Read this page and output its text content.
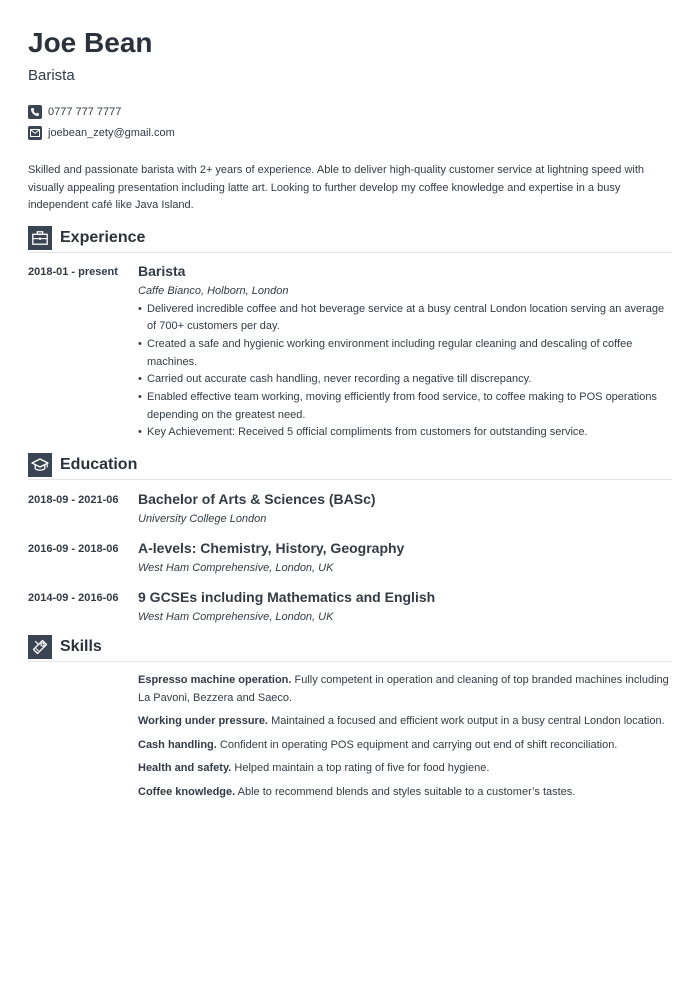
Joe Bean
Barista
0777 777 7777
joebean_zety@gmail.com
Skilled and passionate barista with 2+ years of experience. Able to deliver high-quality customer service at lightning speed with visually appealing presentation including latte art. Looking to further develop my coffee knowledge and expertise in a busy independent café like Java Island.
Experience
2018-01 - present	Barista
Caffe Bianco, Holborn, London
• Delivered incredible coffee and hot beverage service at a busy central London location serving an average of 700+ customers per day.
• Created a safe and hygienic working environment including regular cleaning and descaling of coffee machines.
• Carried out accurate cash handling, never recording a negative till discrepancy.
• Enabled effective team working, moving efficiently from food service, to coffee making to POS operations depending on the greatest need.
• Key Achievement: Received 5 official compliments from customers for outstanding service.
Education
2018-09 - 2021-06	Bachelor of Arts & Sciences (BASc)
University College London
2016-09 - 2018-06	A-levels: Chemistry, History, Geography
West Ham Comprehensive, London, UK
2014-09 - 2016-06	9 GCSEs including Mathematics and English
West Ham Comprehensive, London, UK
Skills
Espresso machine operation. Fully competent in operation and cleaning of top branded machines including La Pavoni, Bezzera and Saeco.
Working under pressure. Maintained a focused and efficient work output in a busy central London location.
Cash handling. Confident in operating POS equipment and carrying out end of shift reconciliation.
Health and safety. Helped maintain a top rating of five for food hygiene.
Coffee knowledge. Able to recommend blends and styles suitable to a customer’s tastes.
